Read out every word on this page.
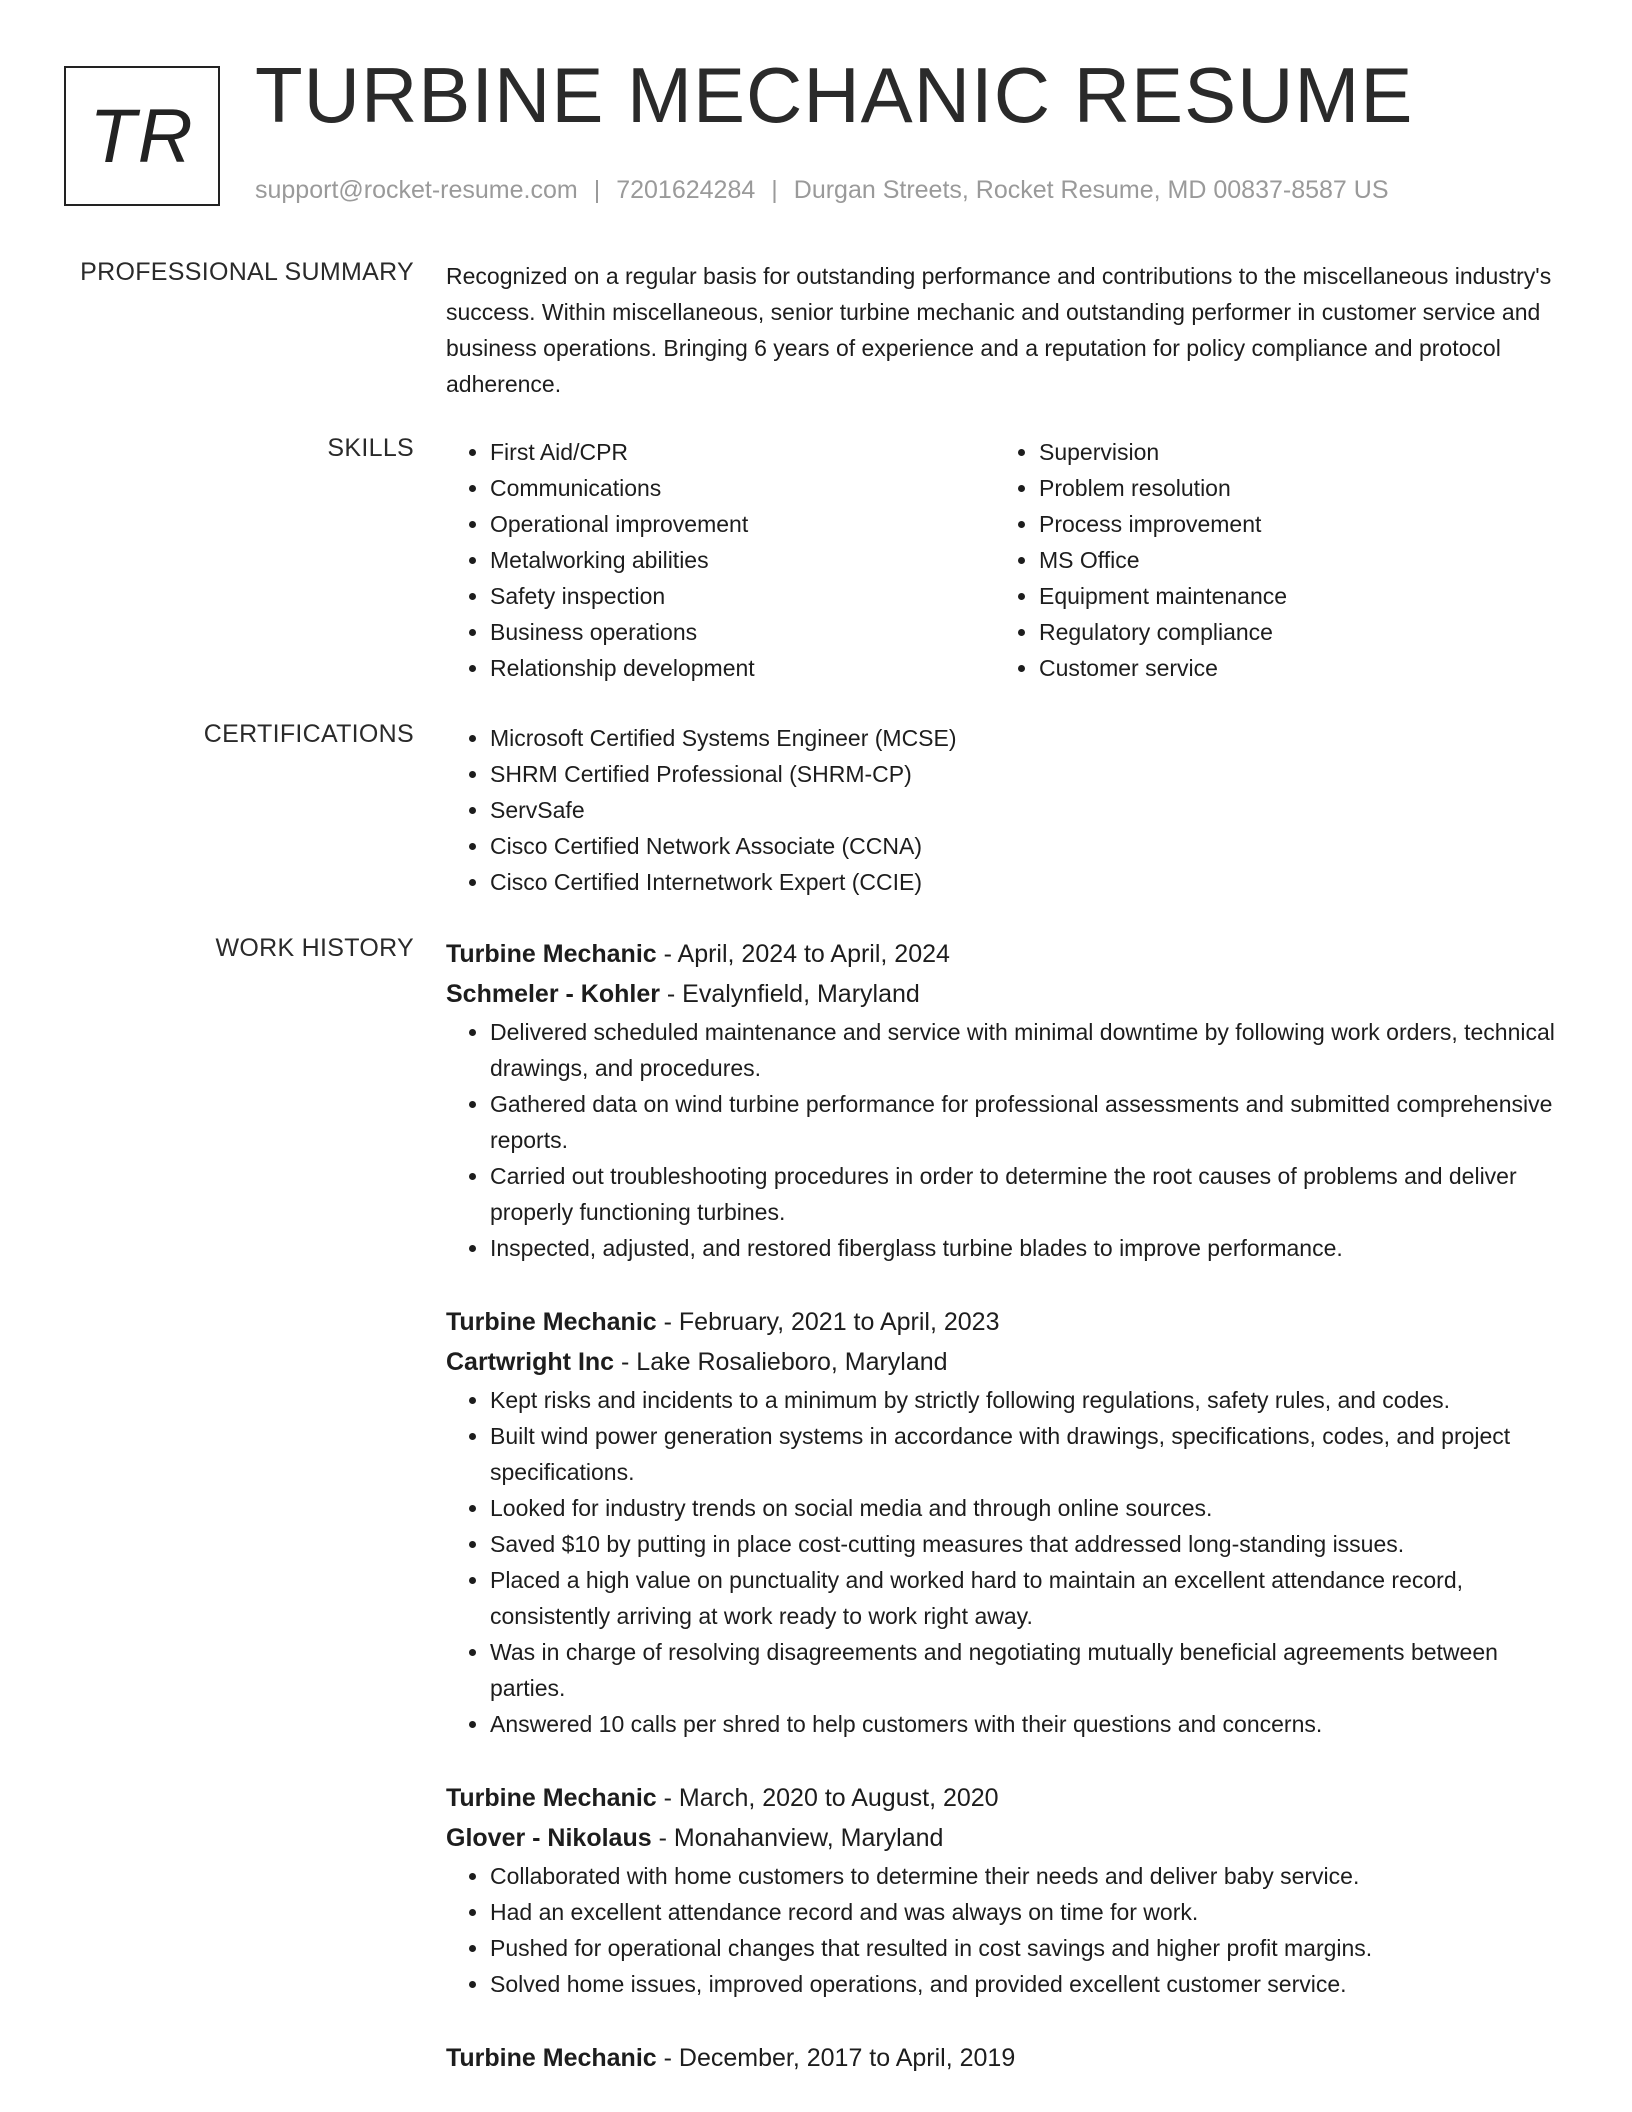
TR TURBINE MECHANIC RESUME
support@rocket-resume.com | 7201624284 | Durgan Streets, Rocket Resume, MD 00837-8587 US
PROFESSIONAL SUMMARY Recognized on a regular basis for outstanding performance and contributions to the miscellaneous industry's success. Within miscellaneous, senior turbine mechanic and outstanding performer in customer service and business operations. Bringing 6 years of experience and a reputation for policy compliance and protocol adherence.

SKILLS	• First Aid/CPR
• Communications
• Operational improvement
• Metalworking abilities
• Safety inspection
• Business operations
• Relationship development
• Supervision
• Problem resolution
• Process improvement
• MS Office
• Equipment maintenance
• Regulatory compliance
• Customer service
CERTIFICATIONS	• Microsoft Certified Systems Engineer (MCSE)
• SHRM Certified Professional (SHRM-CP)
• ServSafe
• Cisco Certified Network Associate (CCNA)
• Cisco Certified Internetwork Expert (CCIE)
WORK HISTORY Turbine Mechanic - April, 2024 to April, 2024
Schmeler - Kohler - Evalynfield, Maryland
• Delivered scheduled maintenance and service with minimal downtime by following work orders, technical drawings, and procedures.
• Gathered data on wind turbine performance for professional assessments and submitted comprehensive reports.
• Carried out troubleshooting procedures in order to determine the root causes of problems and deliver properly functioning turbines.
• Inspected, adjusted, and restored fiberglass turbine blades to improve performance.
Turbine Mechanic - February, 2021 to April, 2023
Cartwright Inc - Lake Rosalieboro, Maryland
• Kept risks and incidents to a minimum by strictly following regulations, safety rules, and codes.
• Built wind power generation systems in accordance with drawings, specifications, codes, and project specifications.
• Looked for industry trends on social media and through online sources.
• Saved $10 by putting in place cost-cutting measures that addressed long-standing issues.
• Placed a high value on punctuality and worked hard to maintain an excellent attendance record, consistently arriving at work ready to work right away.
• Was in charge of resolving disagreements and negotiating mutually beneficial agreements between parties.
• Answered 10 calls per shred to help customers with their questions and concerns.
Turbine Mechanic - March, 2020 to August, 2020
Glover - Nikolaus - Monahanview, Maryland
• Collaborated with home customers to determine their needs and deliver baby service.
• Had an excellent attendance record and was always on time for work.
• Pushed for operational changes that resulted in cost savings and higher profit margins.
• Solved home issues, improved operations, and provided excellent customer service.
Turbine Mechanic - December, 2017 to April, 2019
